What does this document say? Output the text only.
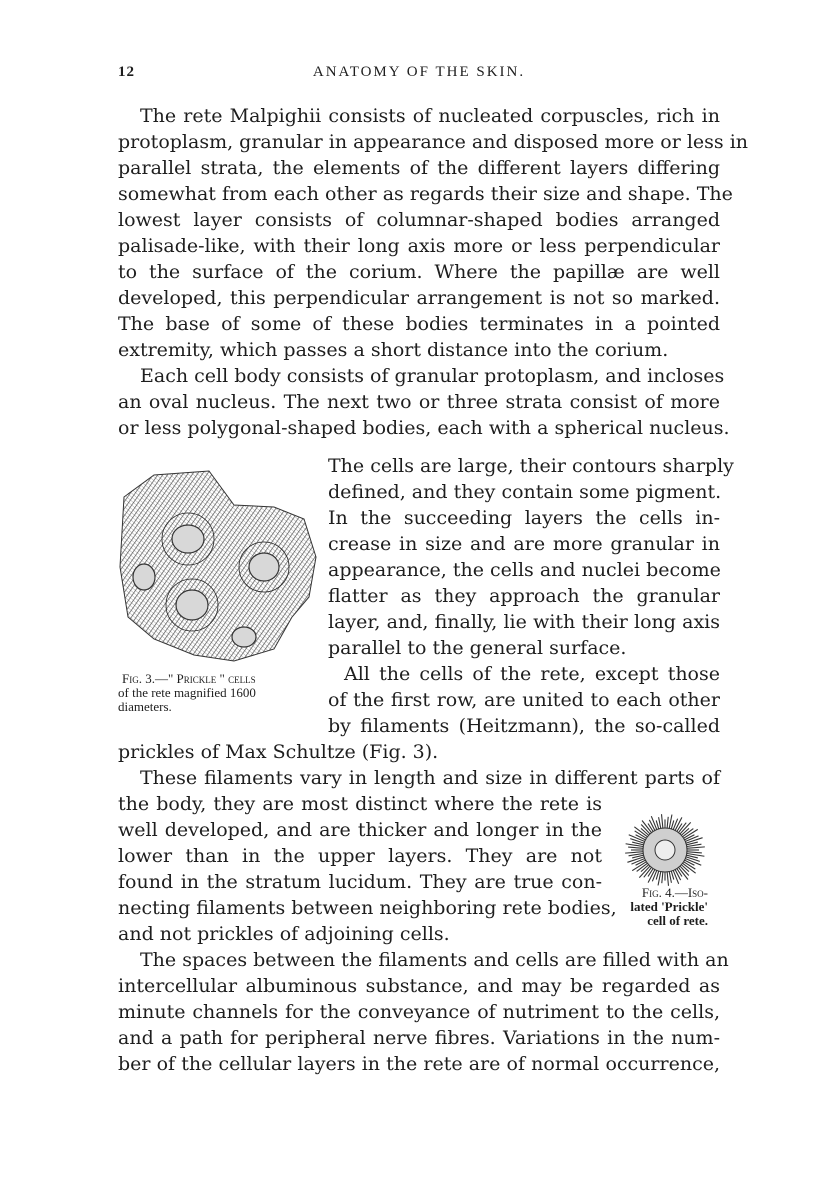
12	ANATOMY OF THE SKIN.
The rete Malpighii consists of nucleated corpuscles, rich in
protoplasm, granular in appearance and disposed more or less in
parallel strata, the elements of the different layers differing
somewhat from each other as regards their size and shape. The
lowest layer consists of columnar-shaped bodies arranged
palisade-like, with their long axis more or less perpendicular
to the surface of the corium. Where the papillæ are well
developed, this perpendicular arrangement is not so marked.
The base of some of these bodies terminates in a pointed
extremity, which passes a short distance into the corium.
Each cell body consists of granular protoplasm, and incloses
an oval nucleus. The next two or three strata consist of more
or less polygonal-shaped bodies, each with a spherical nucleus.
Fig. 3.—" Prickle " cells
of the rete magnified 1600
diameters.
The cells are large, their contours sharply
defined, and they contain some pigment.
In the succeeding layers the cells in-
crease in size and are more granular in
appearance, the cells and nuclei become
flatter as they approach the granular
layer, and, finally, lie with their long axis
parallel to the general surface.
All the cells of the rete, except those
of the first row, are united to each other
by filaments (Heitzmann), the so-called
prickles of Max Schultze (Fig. 3).
These filaments vary in length and size in different parts of
the body, they are most distinct where the rete is
well developed, and are thicker and longer in the
lower than in the upper layers. They are not
found in the stratum lucidum. They are true con-
necting filaments between neighboring rete bodies,
and not prickles of adjoining cells.
The spaces between the filaments and cells are filled with an
intercellular albuminous substance, and may be regarded as
minute channels for the conveyance of nutriment to the cells,
and a path for peripheral nerve fibres. Variations in the num-
ber of the cellular layers in the rete are of normal occurrence,
Fig. 4.—Iso-
lated 'Prickle'
cell of rete.
